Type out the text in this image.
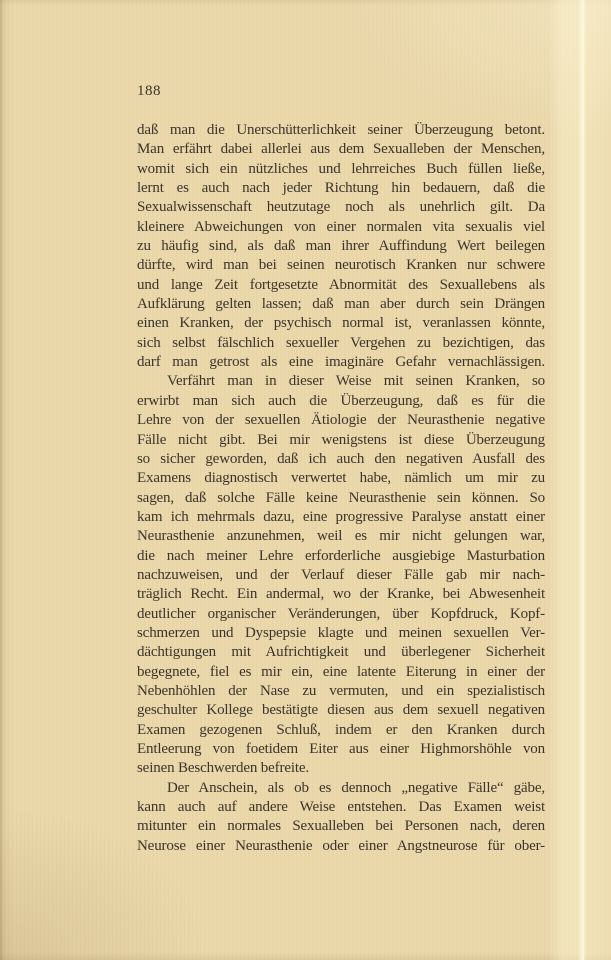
188
daß man die Unerschütterlichkeit seiner Überzeugung betont.
Man erfährt dabei allerlei aus dem Sexualleben der Menschen,
womit sich ein nützliches und lehrreiches Buch füllen ließe,
lernt es auch nach jeder Richtung hin bedauern, daß die
Sexualwissenschaft heutzutage noch als unehrlich gilt. Da
kleinere Abweichungen von einer normalen vita sexualis viel
zu häufig sind, als daß man ihrer Auffindung Wert beilegen
dürfte, wird man bei seinen neurotisch Kranken nur schwere
und lange Zeit fortgesetzte Abnormität des Sexuallebens als
Aufklärung gelten lassen; daß man aber durch sein Drängen
einen Kranken, der psychisch normal ist, veranlassen könnte,
sich selbst fälschlich sexueller Vergehen zu bezichtigen, das
darf man getrost als eine imaginäre Gefahr vernachlässigen.
Verfährt man in dieser Weise mit seinen Kranken, so
erwirbt man sich auch die Überzeugung, daß es für die
Lehre von der sexuellen Ätiologie der Neurasthenie negative
Fälle nicht gibt. Bei mir wenigstens ist diese Überzeugung
so sicher geworden, daß ich auch den negativen Ausfall des
Examens diagnostisch verwertet habe, nämlich um mir zu
sagen, daß solche Fälle keine Neurasthenie sein können. So
kam ich mehrmals dazu, eine progressive Paralyse anstatt einer
Neurasthenie anzunehmen, weil es mir nicht gelungen war,
die nach meiner Lehre erforderliche ausgiebige Masturbation
nachzuweisen, und der Verlauf dieser Fälle gab mir nach-
träglich Recht. Ein andermal, wo der Kranke, bei Abwesenheit
deutlicher organischer Veränderungen, über Kopfdruck, Kopf-
schmerzen und Dyspepsie klagte und meinen sexuellen Ver-
dächtigungen mit Aufrichtigkeit und überlegener Sicherheit
begegnete, fiel es mir ein, eine latente Eiterung in einer der
Nebenhöhlen der Nase zu vermuten, und ein spezialistisch
geschulter Kollege bestätigte diesen aus dem sexuell negativen
Examen gezogenen Schluß, indem er den Kranken durch
Entleerung von foetidem Eiter aus einer Highmorshöhle von
seinen Beschwerden befreite.
Der Anschein, als ob es dennoch „negative Fälle“ gäbe,
kann auch auf andere Weise entstehen. Das Examen weist
mitunter ein normales Sexualleben bei Personen nach, deren
Neurose einer Neurasthenie oder einer Angstneurose für ober-
